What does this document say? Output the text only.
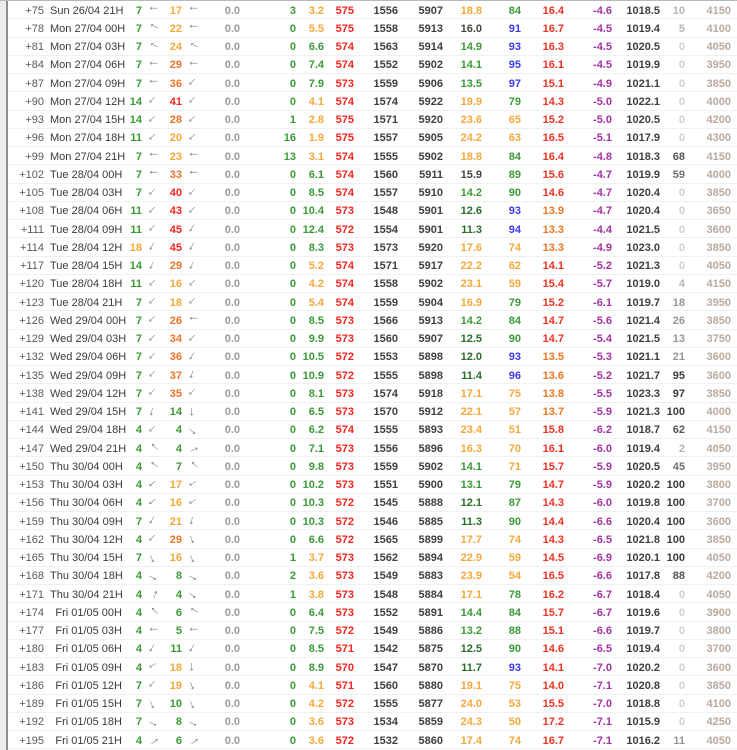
+75 Sun 26/04 21H	7 → 17 →	0.0	3	3.2	575	1556	5907	18.8	84	16.4	-4.6	1018.5	10	4150
+78 Mon 27/04 00H 7 → 22 →	0.0	0	5.5	575	1558	5913	16.0	91	16.7	-4.5	1019.4	5	4100
+81 Mon 27/04 03H 7 → 24 →	0.0	0	6.6	574	1563	5914	14.9	93	16.3	-4.5	1020.5	0	4050
+84 Mon 27/04 06H 7 → 29 →	0.0	0	7.4	574	1552	5902	14.1	95	16.1	-4.5	1019.9	0	3950
+87 Mon 27/04 09H 7 → 36 →	0.0	0	7.9	573	1559	5906	13.5	97	15.1	-4.9	1021.1	0	3850
+90 Mon 27/04 12H 14 → 41 →	0.0	0	4.1	574	1574	5922	19.9	79	14.3	-5.0	1022.1	0	4000
+93 Mon 27/04 15H 14 → 28 →	0.0	1	2.8	575	1571	5920	23.6	65	15.2	-5.0	1020.5	0	4200
+96 Mon 27/04 18H 11 → 20 →	0.0	16	1.9	575	1557	5905	24.2	63	16.5	-5.1	1017.9	0	4300
+99 Mon 27/04 21H 7 → 23 →	0.0	13	3.1	574	1555	5902	18.8	84	16.4	-4.8	1018.3	68	4150
+102 Tue 28/04 00H	7 → 33 →	0.0	0	6.1	574	1560	5911	15.9	89	15.6	-4.7	1019.9	59	4000
+105 Tue 28/04 03H	7 → 40 →	0.0	0	8.5	574	1557	5910	14.2	90	14.6	-4.7	1020.4	0	3850
+108 Tue 28/04 06H 11 → 43 →	0.0	0 10.4	573	1548	5901	12.6	93	13.9	-4.7	1020.4	0	3650
+111 Tue 28/04 09H 11 → 45 →	0.0	0 12.4	572	1554	5901	11.3	94	13.3	-4.4	1021.5	0	3600
+114 Tue 28/04 12H 18 → 45 →	0.0	0	8.3	573	1573	5920	17.6	74	13.3	-4.9	1023.0	0	3850
+117 Tue 28/04 15H 14 → 29 →	0.0	0	5.2	574	1571	5917	22.2	62	14.1	-5.2	1021.3	0	4050
+120 Tue 28/04 18H 11 → 16 →	0.0	0	4.2	574	1558	5902	23.1	59	15.4	-5.7	1019.0	4	4150
+123 Tue 28/04 21H	7 → 18 →	0.0	0	5.4	574	1559	5904	16.9	79	15.2	-6.1	1019.7	18	3950
+126 Wed 29/04 00H 7 → 26 →	0.0	0	8.5	573	1566	5913	14.2	84	14.7	-5.6	1021.4	26	3850
+129 Wed 29/04 03H 7 → 34 →	0.0	0	9.9	573	1560	5907	12.5	90	14.7	-5.4	1021.5	13	3750
+132 Wed 29/04 06H 7 → 36 →	0.0	0 10.5	572	1553	5898	12.0	93	13.5	-5.3	1021.1	21	3600
+135 Wed 29/04 09H 7 → 37 →	0.0	0 10.9	572	1555	5898	11.4	96	13.6	-5.2	1021.7	95	3600
+138 Wed 29/04 12H 7 → 35 →	0.0	0	8.1	573	1574	5918	17.1	75	13.8	-5.5	1023.3	97	3850
+141 Wed 29/04 15H 7 → 14 →	0.0	0	6.5	573	1570	5912	22.1	57	13.7	-5.9	1021.3 100	4000
+144 Wed 29/04 18H 4 →	4 →	0.0	0	6.2	574	1555	5893	23.4	51	15.8	-6.2	1018.7	62	4150
+147 Wed 29/04 21H 4 →	4 →	0.0	0	7.1	573	1556	5896	16.3	70	16.1	-6.0	1019.4	2	4050
+150 Thu 30/04 00H	4 →	7 →	0.0	0	9.8	573	1559	5902	14.1	71	15.7	-5.9	1020.5	45	3950
+153 Thu 30/04 03H	4 → 17 →	0.0	0 10.2	573	1551	5900	13.1	79	14.7	-5.9	1020.2 100	3800
+156 Thu 30/04 06H	4 → 16 →	0.0	0 10.3	572	1545	5888	12.1	87	14.3	-6.0	1019.8 100	3700
+159 Thu 30/04 09H	7 → 21 →	0.0	0 10.3	572	1546	5885	11.3	90	14.4	-6.6	1020.4 100	3600
+162 Thu 30/04 12H	4 → 29 →	0.0	0	6.6	572	1565	5899	17.7	74	14.3	-6.5	1021.8 100	3850
+165 Thu 30/04 15H	7 → 16 →	0.0	1	3.7	573	1562	5894	22.9	59	14.5	-6.9	1020.1 100	4050
+168 Thu 30/04 18H	4 →	8 →	0.0	2	3.6	573	1549	5883	23.9	54	16.5	-6.6	1017.8	88	4200
+171 Thu 30/04 21H	4 →	4 →	0.0	1	3.8	573	1548	5884	17.1	78	16.2	-6.7	1018.4	0	4050
+174	Fri 01/05 00H	4 →	6 →	0.0	0	6.4	573	1552	5891	14.4	84	15.7	-6.7	1019.6	0	3900
+177	Fri 01/05 03H	4 →	5 →	0.0	0	7.5	572	1549	5886	13.2	88	15.1	-6.6	1019.7	0	3800
+180	Fri 01/05 06H	4 → 11 →	0.0	0	8.5	571	1542	5875	12.5	90	14.6	-6.5	1019.4	0	3700
+183	Fri 01/05 09H	4 → 18 →	0.0	0	8.9	570	1547	5870	11.7	93	14.1	-7.0	1020.2	0	3600
+186	Fri 01/05 12H	7 → 19 →	0.0	0	4.1	571	1560	5880	19.1	75	14.0	-7.1	1020.8	0	3850
+189	Fri 01/05 15H	7 → 10 →	0.0	0	4.2	572	1555	5877	24.0	53	15.5	-7.0	1018.8	0	4100
+192	Fri 01/05 18H	7 →	8 →	0.0	0	3.6	573	1534	5859	24.3	50	17.2	-7.1	1015.9	0	4250
+195	Fri 01/05 21H	4 →	6 →	0.0	0	3.6	572	1532	5860	17.4	74	16.7	-7.1	1016.2	11	4050
